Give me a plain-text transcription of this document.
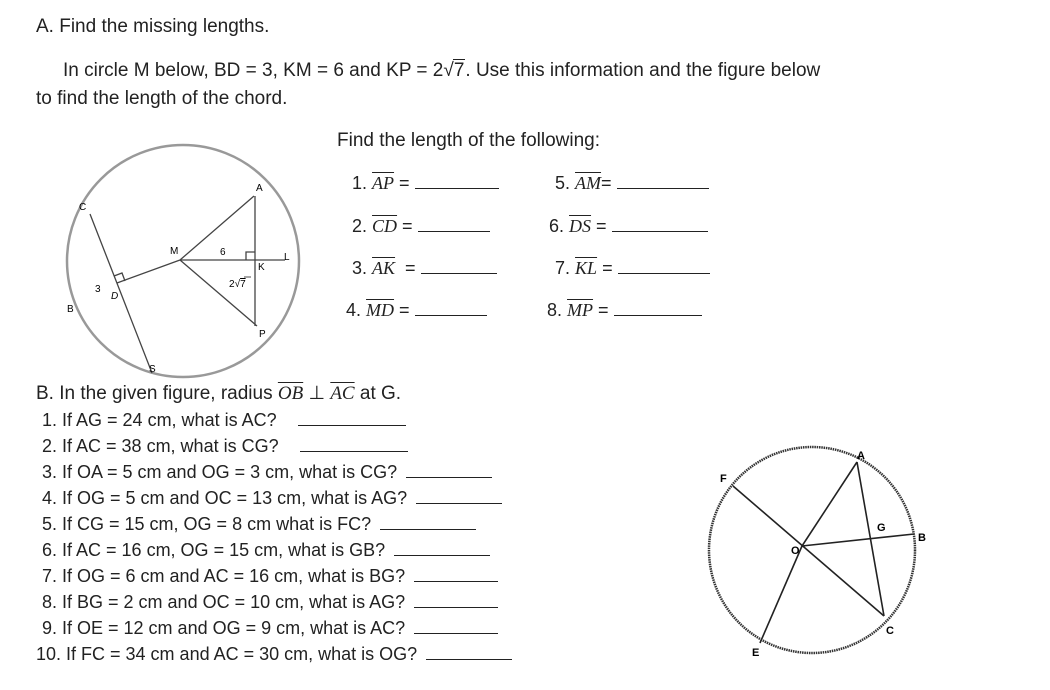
A. Find the missing lengths.
In circle M below, BD = 3, KM = 6 and KP = 2√7. Use this information and the figure below
to find the length of the chord.
Find the length of the following:
1. $\overline{AP}$ =
2. $\overline{CD}$ =
3. $\overline{AK}$  =
4. $\overline{MD}$ =
5. $\overline{AM}=$
6. $\overline{DS}$ =
7. $\overline{KL}$ =
8. $\overline{MP}$ =
A
C
M	6	L
K
2√7
3
D
B
P
S
B. In the given figure, radius $\overline{OB}$ ⊥ $\overline{AC}$ at G.
1. If AG = 24 cm, what is AC?
2. If AC = 38 cm, what is CG?
3. If OA = 5 cm and OG = 3 cm, what is CG?
4. If OG = 5 cm and OC = 13 cm, what is AG?
5. If CG = 15 cm, OG = 8 cm what is FC?
6. If AC = 16 cm, OG = 15 cm, what is GB?
7. If OG = 6 cm and AC = 16 cm, what is BG?
8. If BG = 2 cm and OC = 10 cm, what is AG?
9. If OE = 12 cm and OG = 9 cm, what is AC?
10. If FC = 34 cm and AC = 30 cm, what is OG?
A
F
G
B
O
C
E
